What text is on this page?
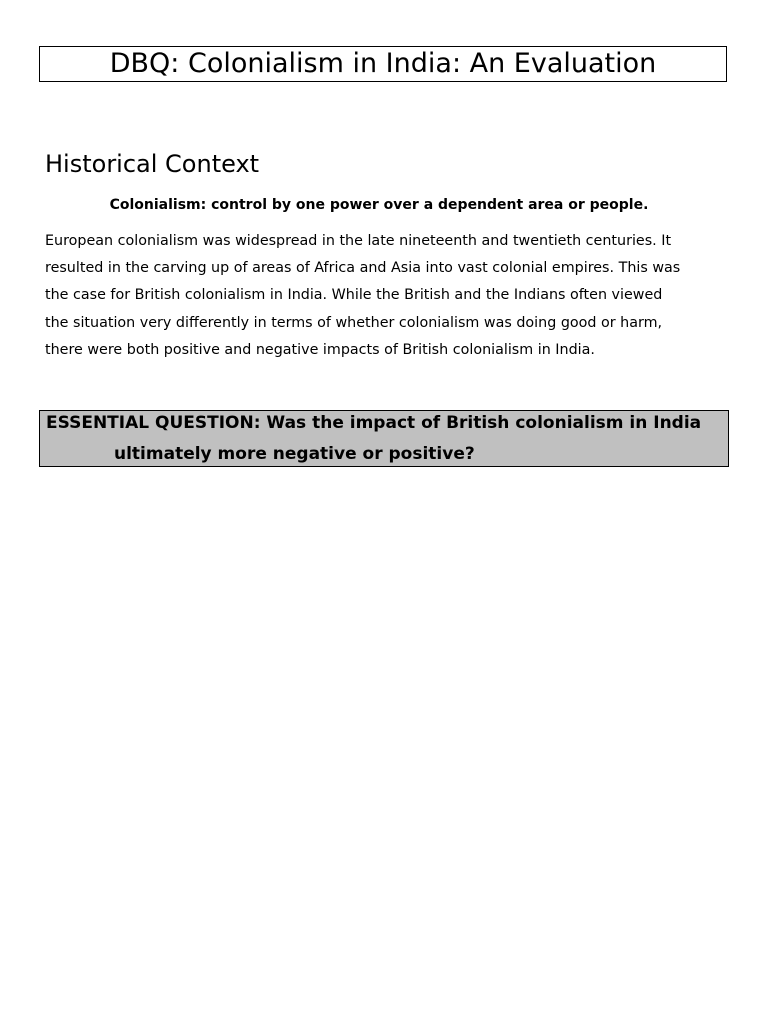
DBQ: Colonialism in India: An Evaluation
Historical Context
Colonialism: control by one power over a dependent area or people.
European colonialism was widespread in the late nineteenth and twentieth centuries. It
resulted in the carving up of areas of Africa and Asia into vast colonial empires. This was
the case for British colonialism in India. While the British and the Indians often viewed
the situation very differently in terms of whether colonialism was doing good or harm,
there were both positive and negative impacts of British colonialism in India.
ESSENTIAL QUESTION: Was the impact of British colonialism in India
ultimately more negative or positive?
